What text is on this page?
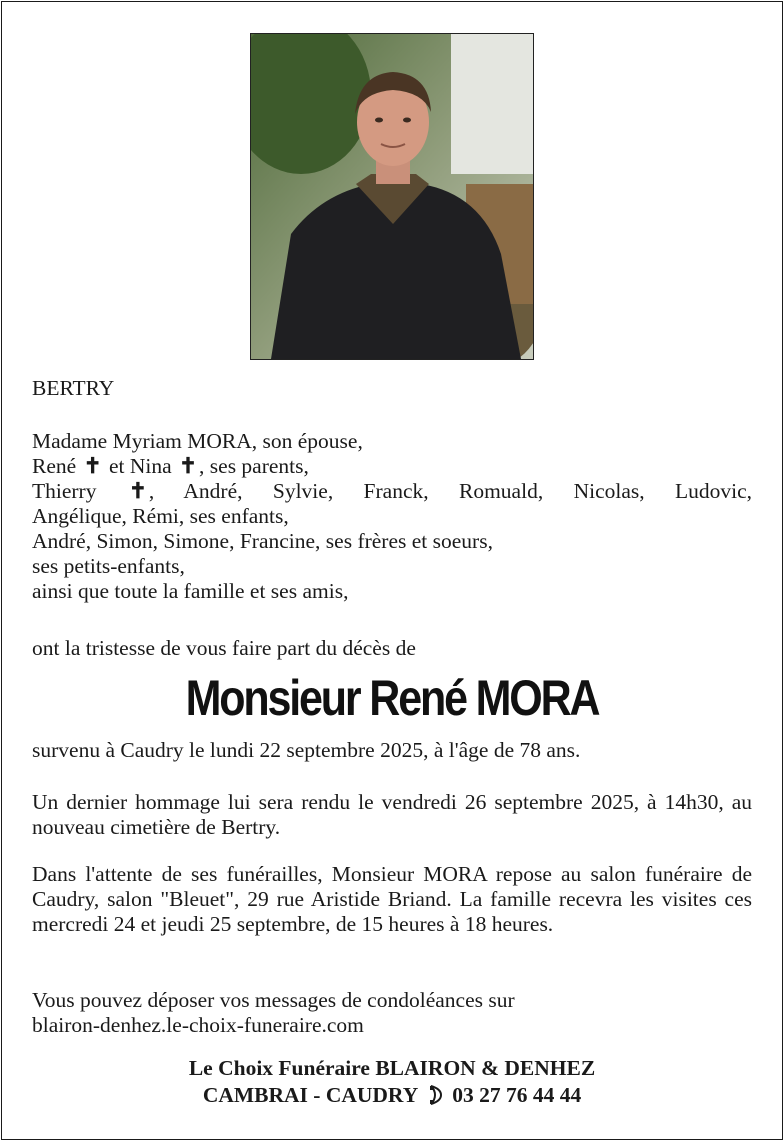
BERTRY

Madame Myriam MORA, son épouse,
René ✝ et Nina ✝, ses parents,
Thierry ✝, André, Sylvie, Franck, Romuald, Nicolas, Ludovic,
Angélique, Rémi, ses enfants,
André, Simon, Simone, Francine, ses frères et soeurs,
ses petits-enfants,
ainsi que toute la famille et ses amis,

ont la tristesse de vous faire part du décès de

Monsieur René MORA

survenu à Caudry le lundi 22 septembre 2025, à l'âge de 78 ans.

Un dernier hommage lui sera rendu le vendredi 26 septembre 2025, à 14h30, au nouveau cimetière de Bertry.

Dans l'attente de ses funérailles, Monsieur MORA repose au salon funéraire de Caudry, salon "Bleuet", 29 rue Aristide Briand. La famille recevra les visites ces mercredi 24 et jeudi 25 septembre, de 15 heures à 18 heures.

Vous pouvez déposer vos messages de condoléances sur
blairon-denhez.le-choix-funeraire.com
Le Choix Funéraire BLAIRON & DENHEZ
CAMBRAI - CAUDRY 03 27 76 44 44
